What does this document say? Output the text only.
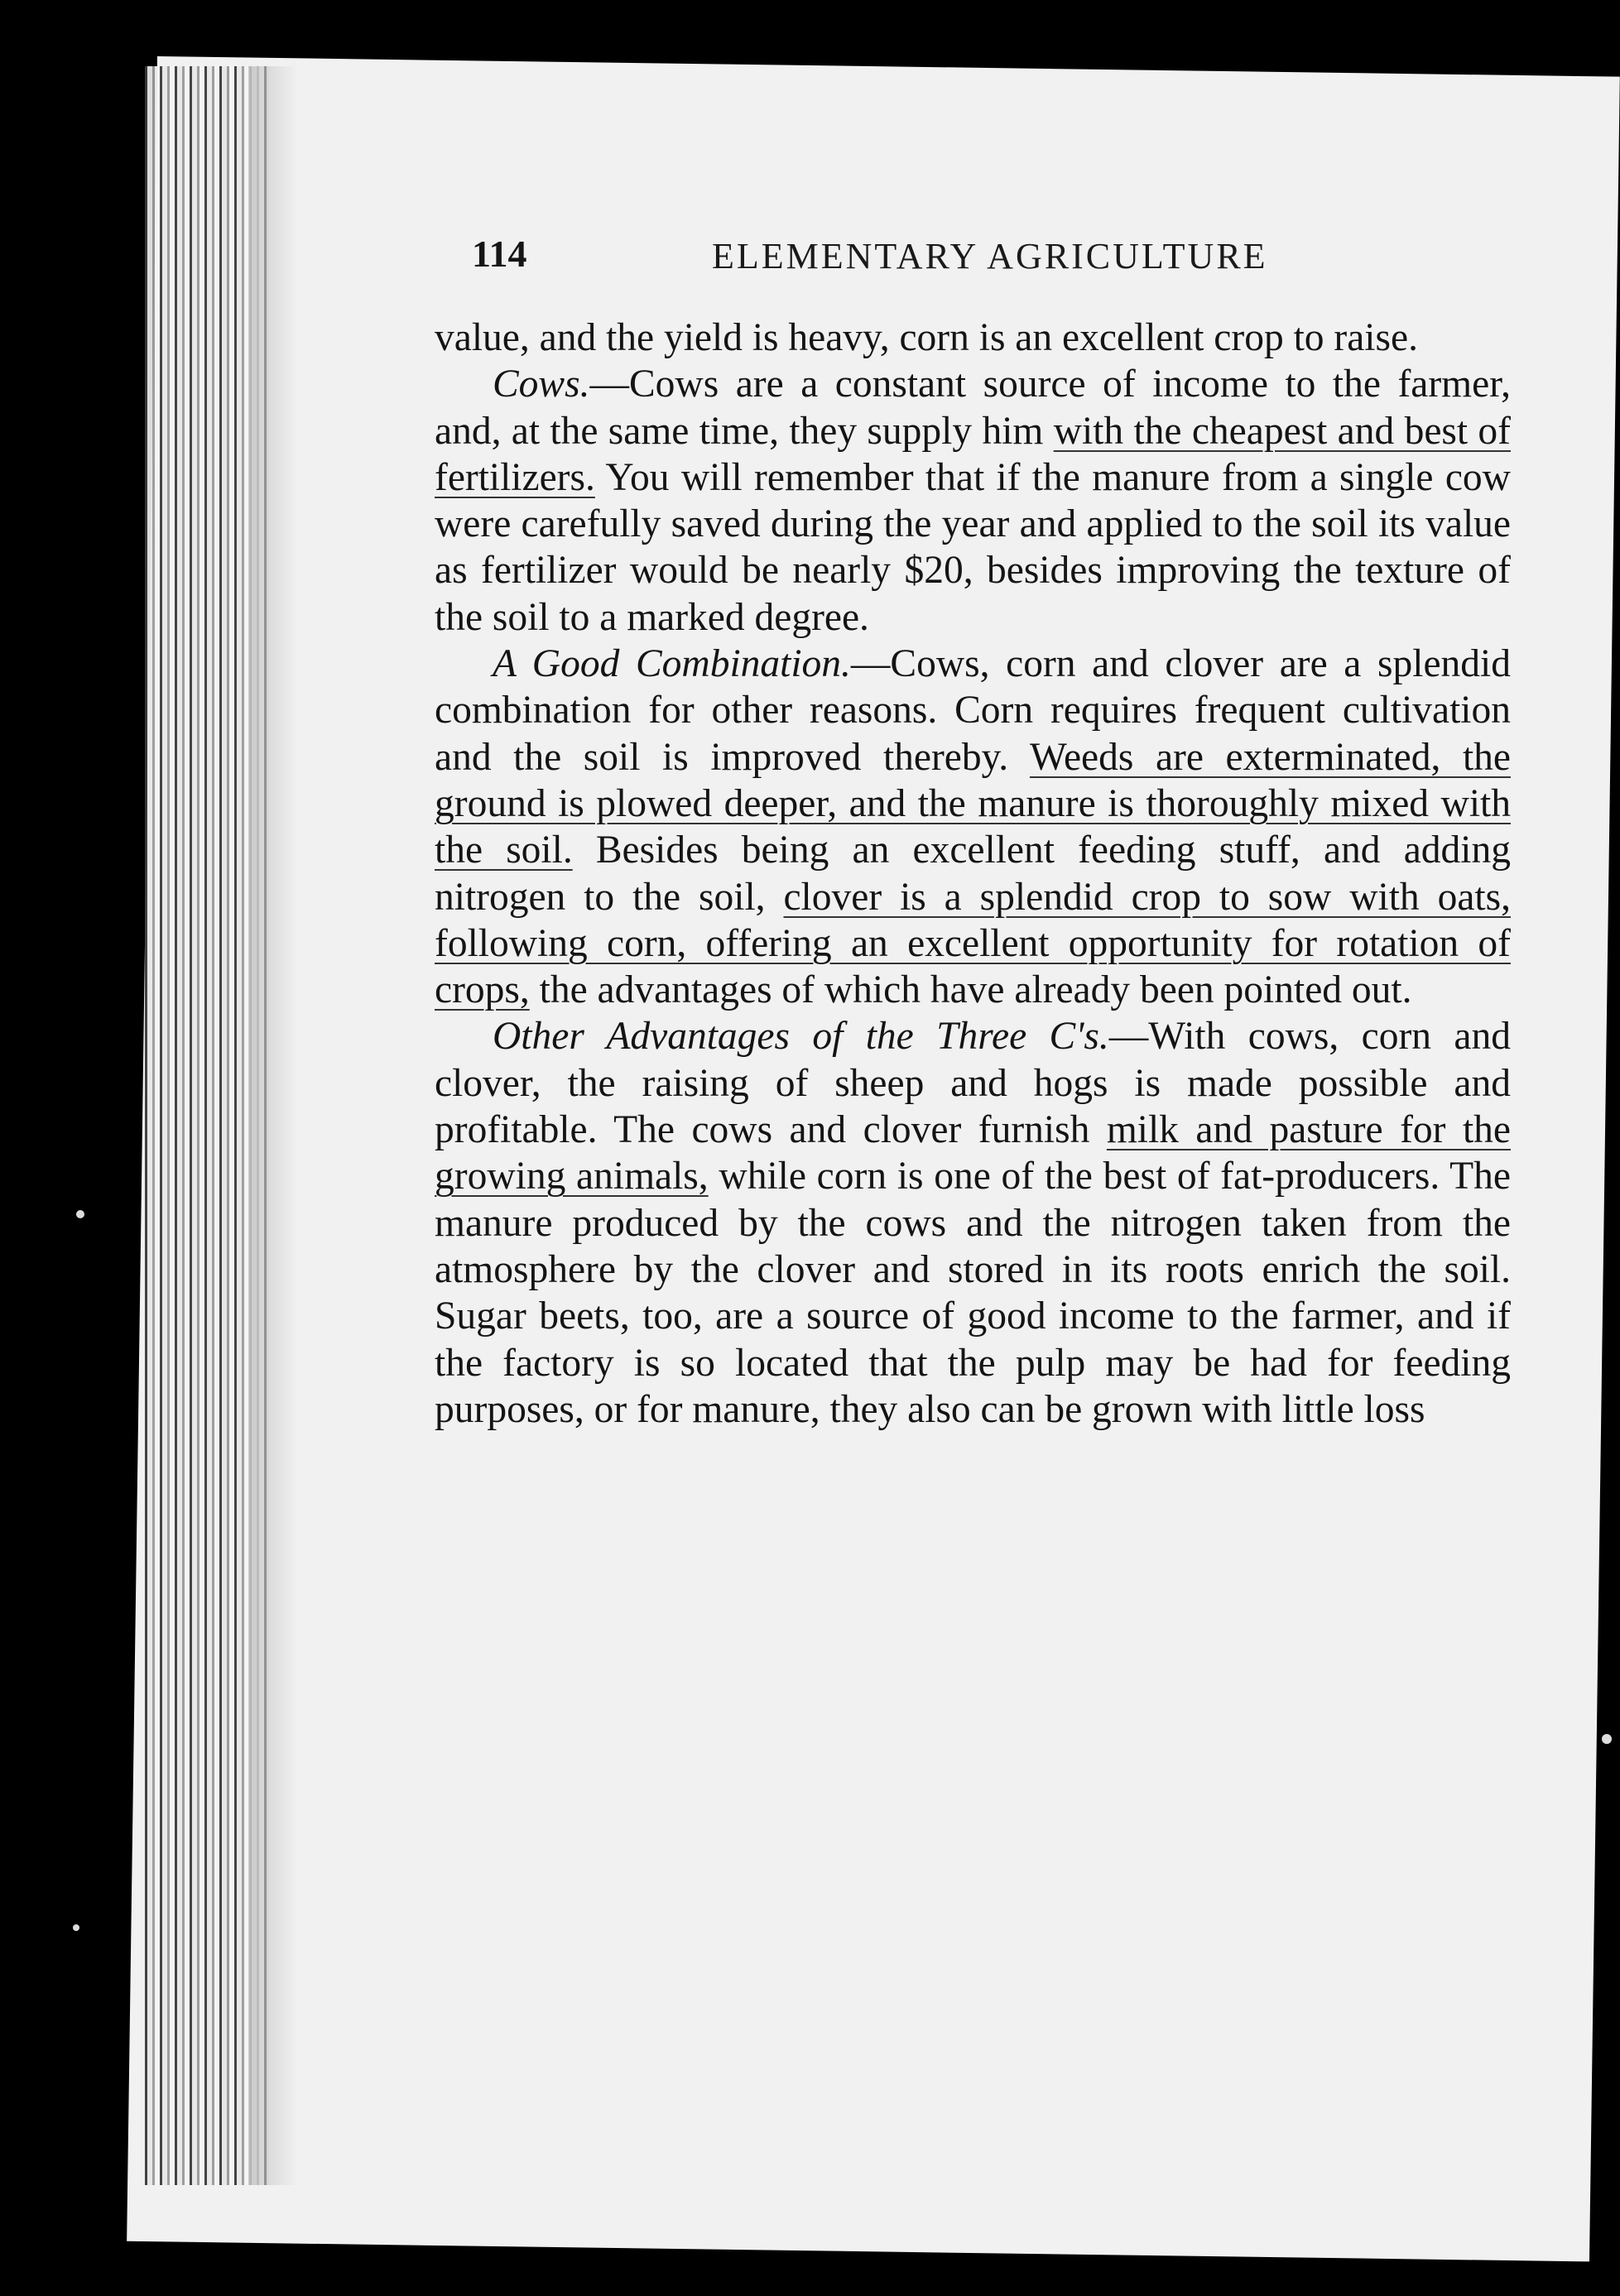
114	ELEMENTARY AGRICULTURE

value, and the yield is heavy, corn is an excellent crop to raise.

Cows.—Cows are a constant source of income to the farmer, and, at the same time, they supply him with the cheapest and best of fertilizers. You will remember that if the manure from a single cow were carefully saved during the year and applied to the soil its value as fertilizer would be nearly $20, besides improving the texture of the soil to a marked degree.

A Good Combination.—Cows, corn and clover are a splendid combination for other reasons. Corn requires frequent cultivation and the soil is improved thereby. Weeds are exterminated, the ground is plowed deeper, and the manure is thoroughly mixed with the soil. Besides being an excellent feeding stuff, and adding nitrogen to the soil, clover is a splendid crop to sow with oats, following corn, offering an excellent opportunity for rotation of crops, the advantages of which have already been pointed out.

Other Advantages of the Three C's.—With cows, corn and clover, the raising of sheep and hogs is made possible and profitable. The cows and clover furnish milk and pasture for the growing animals, while corn is one of the best of fat-producers. The manure produced by the cows and the nitrogen taken from the atmosphere by the clover and stored in its roots enrich the soil. Sugar beets, too, are a source of good income to the farmer, and if the factory is so located that the pulp may be had for feeding purposes, or for manure, they also can be grown with little loss
